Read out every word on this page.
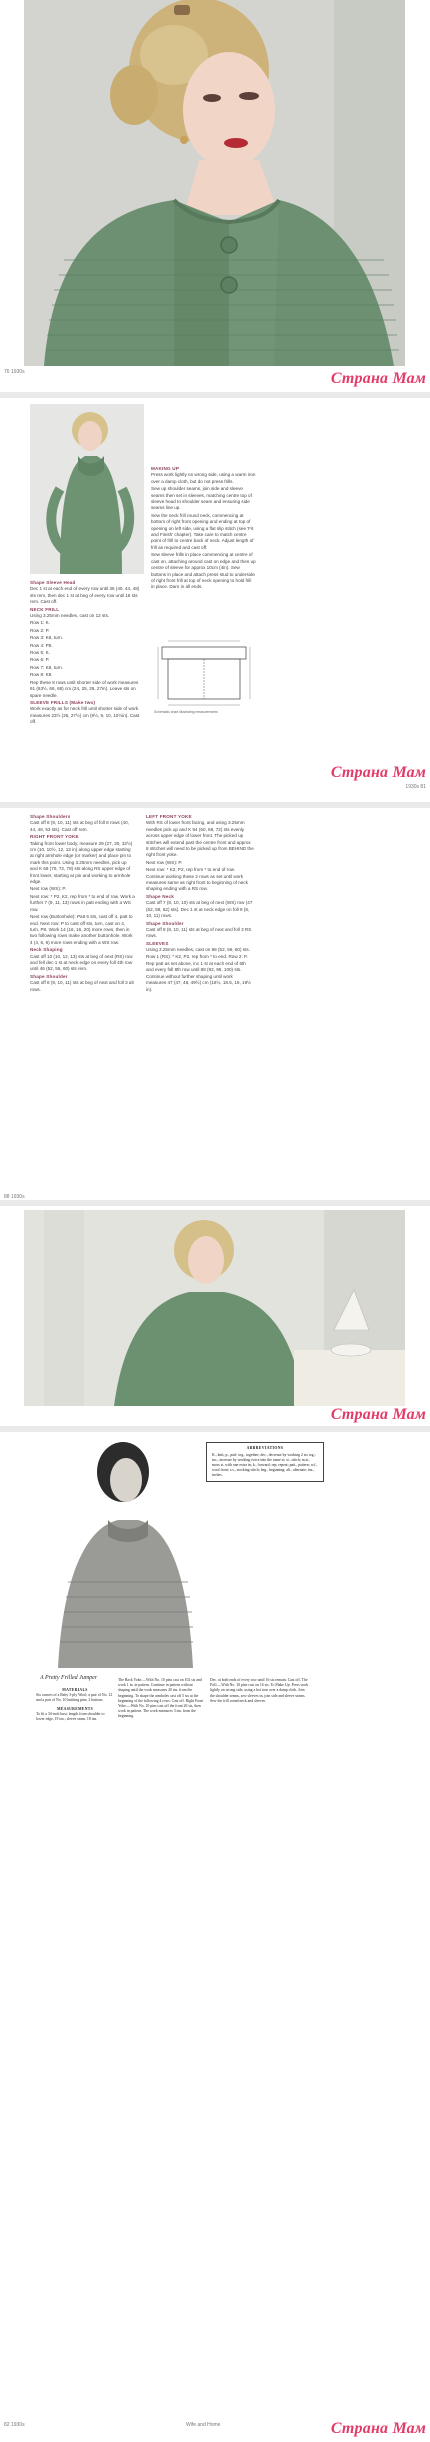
76 1930s	Страна Мам
MAKING UP

Press work lightly on wrong side, using a warm iron over a damp cloth, but do not press frills.

Sew up shoulder seams, join side and sleeve seams then set in sleeves, matching centre top of sleeve head to shoulder seam and ensuring side seams line up.

Sew the neck frill round neck, commencing at bottom of right front opening and ending at top of opening on left side, using a flat slip stitch (see 'Fit and Finish' chapter). Take care to match centre point of frill to centre back of neck. Adjust length of frill as required and cast off.

Sew sleeve frills in place commencing at centre of cast on, attaching around cast on edge and then up centre of sleeve for approx 10cm (4in). Sew buttons in place and attach press stud to underside of right front frill at top of neck opening to hold frill in place. Darn in all ends.

Shape Sleeve Head

Dec 1 st at each end of every row until 36 (40, 44, 48) sts rem, then dec 1 st at beg of every row until 16 sts rem. Cast off.

NECK FRILL

Using 3.25mm needles, cast on 12 sts.

Row 1: K.

Row 2: P.

Row 3: K8, turn.

Row 4: P8.

Row 5: K.

Row 6: P.

Row 7: K8, turn.

Row 8: K8.

Rep these 8 rows until shorter side of work measures 61 (63½, 66, 68) cm (24, 25, 26, 27in). Leave sts on spare needle.

SLEEVE FRILLS (Make two)

Work exactly as for neck frill until shorter side of work measures 23½ (25, 27½) cm (9½, 9, 10, 10½in). Cast off.

Schematic chart illustrating measurements
1930s 81
Страна Мам
Shape Shoulders

Cast off 8 (9, 10, 11) sts at beg of foll 8 rows (40, 44, 48, 53 sts). Cast off rem.

RIGHT FRONT YOKE

Taking front lower body, measure 29 (27, 30, 32½) cm (10, 10½, 12, 13 in) along upper edge starting at right armhole edge (or marker) and place pin to mark this point. Using 3.25mm needles, pick up and K 68 (70, 72, 78) sts along RS upper edge of front lower, starting at pin and working to armhole edge.

Next row (WS): P.

Next row: * P2, K2, rep from * to end of row. Work a further 7 (9, 11, 13) rows in patt ending with a WS row.

Next row (Buttonhole): Patt 6 sts, cast off 4, patt to end. Next row: P to cast off sts, turn, cast on 4, turn, P8. Work 14 (16, 16, 20) more rows, then in two following rows make another buttonhole. Work 4 (4, 6, 6) more rows ending with a WS row.

Neck Shaping

Cast off 10 (10, 12, 13) sts at beg of next (RS) row and fell dec 1 st at neck edge on every foll 4th row until 46 (52, 56, 60) sts rem.

Shape Shoulder

Cast off 8 (9, 10, 11) sts at beg of next and foll 3 alt rows.

LEFT FRONT YOKE

With RS of lower front facing, and using 3.25mm needles pick up and K 54 (60, 68, 72) sts evenly across upper edge of lower front. The picked up stitches will extend past the centre front and approx 8 stitches will need to be picked up from BEHIND the right front yoke.

Next row (WS): P.

Next row: * K2, P2, rep from * to end of row. Continue working these 2 rows as set until work measures same as right front to beginning of neck shaping ending with a RS row.

Shape Neck

Cast off 7 (8, 10, 10) sts at beg of next (WS) row (47 (52, 58, 62) sts). Dec 1 st at neck edge on foll 8 (8, 10, 11) rows.

Shape Shoulder

Cast off 8 (8, 10, 11) sts at beg of next and foll 3 RS rows.

SLEEVES

Using 3.25mm needles, cast on 68 (52, 56, 60) sts. Row 1 (RS): * K2, P2, rep from * to end. Row 2: P.

Rep patt as set above, inc 1 st at each end of 6th and every foll 8th row until 88 (92, 96, 100) sts. Continue without further shaping until work measures 47 (47, 48, 49½) cm (18½, 18.5, 19, 19½ in).

88 1930s
Страна Мам
ABBREVIATIONS
K., knit; p., purl; tog., together; dec., decrease by working 2 sts tog.; inc., increase by working twice into the same st; st., stitch; m.st., moss st. with one extra in; k., forward; rep, repeat; patt., pattern; w.f., wool front; s.s., stocking stitch; beg., beginning; alt., alternate; ins., inches.
A Pretty Frilled Jumper
MATERIALS
Six ounces of a Baby 3-ply Wool; a pair of No. 12 and a pair of No. 10 knitting pins; 2 buttons.
MEASUREMENTS
To fit a 34-inch bust; length from shoulder to lower edge, 19 ins.; sleeve seam, 18 ins.
The Back Yoke.—With No. 10 pins cast on 102 sts and work 1 in. in pattern. Continue in pattern without shaping until the work measures 20 ins. from the beginning. To shape the armholes cast off 5 sts at the beginning of the following 4 rows. Cast off. Right Front Yoke.—With No. 10 pins cast off the front 20 sts, then work in pattern. The work measures 3 ins. from the beginning.
Dec. at both ends of every row until 16 sts remain. Cast off. The Frill.—With No. 10 pins cast on 16 sts. To Make Up: Press work lightly on wrong side, using a hot iron over a damp cloth. Join the shoulder seams, sew sleeves in, join side and sleeve seams. Sew the frill round neck and sleeves.
82 1930s	Wife and Home	Страна Мам
